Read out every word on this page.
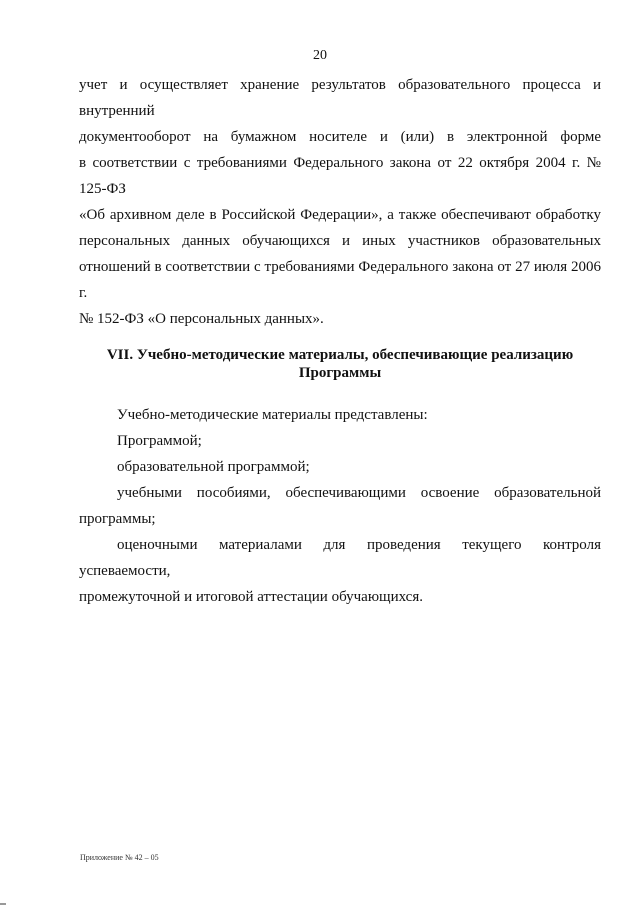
20
учет и осуществляет хранение результатов образовательного процесса и внутренний
документооборот на бумажном носителе и (или) в электронной форме
в соответствии с требованиями Федерального закона от 22 октября 2004 г. № 125-ФЗ
«Об архивном деле в Российской Федерации», а также обеспечивают обработку
персональных данных обучающихся и иных участников образовательных
отношений в соответствии с требованиями Федерального закона от 27 июля 2006 г.
№ 152-ФЗ «О персональных данных».

VII. Учебно-методические материалы, обеспечивающие реализацию
Программы

Учебно-методические материалы представлены:

Программой;

образовательной программой;

учебными пособиями, обеспечивающими освоение образовательной
программы;
оценочными материалами для проведения текущего контроля успеваемости,
промежуточной и итоговой аттестации обучающихся.
Приложение № 42 – 05
